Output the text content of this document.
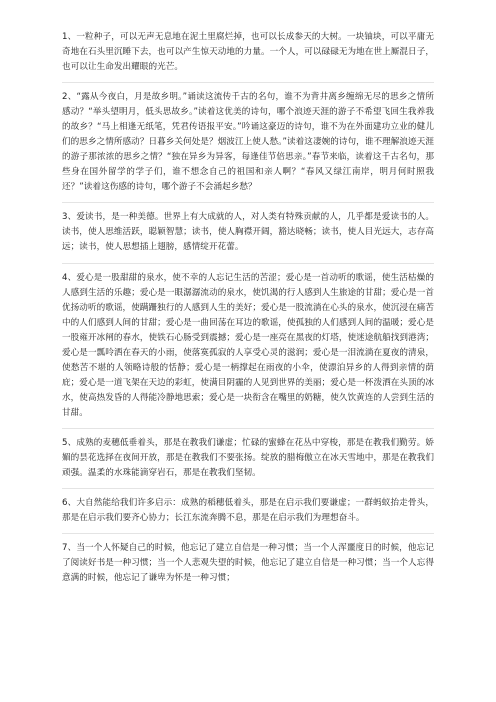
1、一粒种子，可以无声无息地在泥土里腐烂掉，也可以长成参天的大树。一块铀块，可以平庸无奇地在石头里沉睡下去，也可以产生惊天动地的力量。一个人，可以碌碌无为地在世上厮混日子，也可以让生命发出耀眼的光芒。

2、“露从今夜白，月是故乡明。”诵读这流传千古的名句，谁不为背井离乡缠绵无尽的思乡之情所感动？“举头望明月，低头思故乡。”读着这优美的诗句，哪个浪迹天涯的游子不希望飞回生我养我的故乡？“马上相逢无纸笔，凭君传语报平安。”吟诵这豪迈的诗句，谁不为在外面建功立业的健儿们的思乡之情所感动？日暮乡关何处是？烟波江上使人愁。”读着这凄婉的诗句，谁不理解浪迹天涯的游子那浓浓的思乡之情？“独在异乡为异客，每逢佳节倍思亲。”春节来临，读着这千古名句，那些身在国外留学的学子们，谁不想念自己的祖国和亲人啊？“春风又绿江南岸，明月何时照我还？”读着这伤感的诗句，哪个游子不会涌起乡愁？

3、爱读书，是一种美德。世界上有大成就的人，对人类有特殊贡献的人，几乎都是爱读书的人。读书，使人思维活跃，聪颖智慧；读书，使人胸襟开阔，豁达晓畅；读书，使人目光远大，志存高远；读书，使人思想插上翅膀，感情绽开花蕾。

4、爱心是一股甜甜的泉水，使不幸的人忘记生活的苦涩；爱心是一首动听的歌谣，使生活枯燥的人感到生活的乐趣；爱心是一眼潺潺流动的泉水，使饥渴的行人感到人生旅途的甘甜；爱心是一首优扬动听的歌谣，使蹒跚独行的人感到人生的美好；爱心是一股流淌在心头的泉水，使沉浸在痛苦中的人们感到人间的甘甜；爱心是一曲回荡在耳边的歌谣，使孤独的人们感到人间的温暖；爱心是一股雍开冰闸的春水，使铁石心肠受到震撼；爱心是一座亮在黑夜的灯塔，使迷途航船找到港湾；爱心是一瓢呤洒在春天的小雨，使落寞孤寂的人享受心灵的滋润；爱心是一泪流淌在夏夜的清泉，使愁苦不堪的人领略诗般的恬静；爱心是一柄撑起在雨夜的小伞，使漂泊异乡的人得到亲情的荫庇；爱心是一道飞架在天边的彩虹，使满目阴霾的人见到世界的美丽；爱心是一杯泼洒在头顶的冰水，使高热发昏的人得能冷静地思索；爱心是一块衔含在嘴里的奶糖，使久饮黄连的人尝到生活的甘甜。

5、成熟的麦穗低垂着头，那是在教我们谦虚；忙碌的蜜蜂在花丛中穿梭，那是在教我们勤劳。娇媚的昙花选择在夜间开放，那是在教我们不要张扬。绽放的腊梅傲立在冰天雪地中，那是在教我们顽强。温柔的水珠能滴穿岩石，那是在教我们坚韧。

6、大自然能给我们许多启示：成熟的稻穗低着头，那是在启示我们要谦虚；一群蚂蚁抬走骨头，那是在启示我们要齐心协力；长江东流奔腾不息，那是在启示我们为理想奋斗。

7、当一个人怀疑自己的时候，他忘记了建立自信是一种习惯；当一个人浑噩度日的时候，他忘记了阅读好书是一种习惯；当一个人悲观失望的时候，他忘记了建立自信是一种习惯；当一个人忘得意满的时候，他忘记了谦卑为怀是一种习惯；
